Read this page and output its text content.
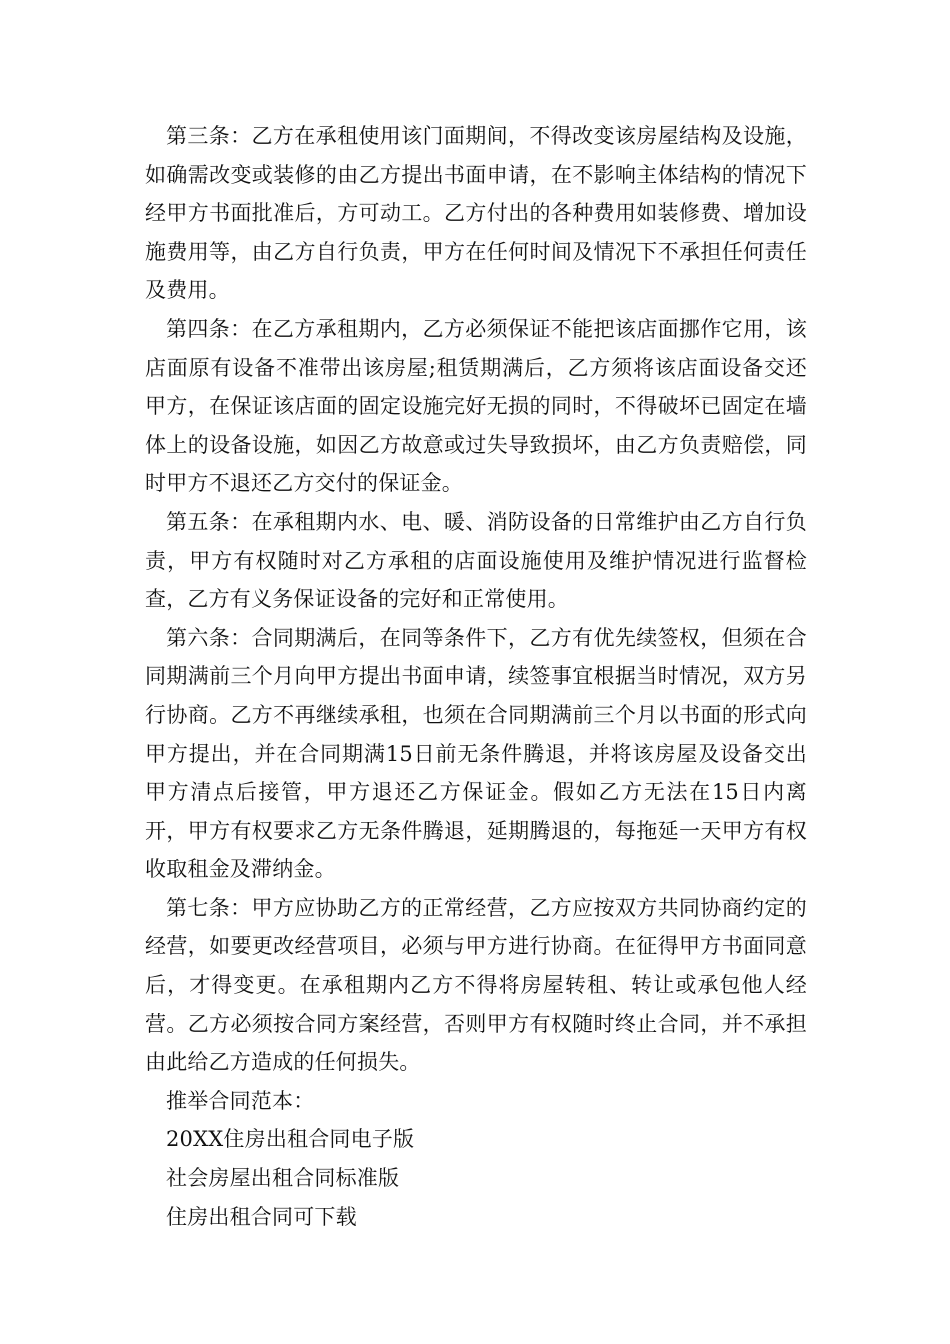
第三条：乙方在承租使用该门面期间，不得改变该房屋结构及设施，如确需改变或装修的由乙方提出书面申请，在不影响主体结构的情况下经甲方书面批准后，方可动工。乙方付出的各种费用如装修费、增加设施费用等，由乙方自行负责，甲方在任何时间及情况下不承担任何责任及费用。

第四条：在乙方承租期内，乙方必须保证不能把该店面挪作它用，该店面原有设备不准带出该房屋;租赁期满后，乙方须将该店面设备交还甲方，在保证该店面的固定设施完好无损的同时，不得破坏已固定在墙体上的设备设施，如因乙方故意或过失导致损坏，由乙方负责赔偿，同时甲方不退还乙方交付的保证金。

第五条：在承租期内水、电、暖、消防设备的日常维护由乙方自行负责，甲方有权随时对乙方承租的店面设施使用及维护情况进行监督检查，乙方有义务保证设备的完好和正常使用。

第六条：合同期满后，在同等条件下，乙方有优先续签权，但须在合同期满前三个月向甲方提出书面申请，续签事宜根据当时情况，双方另行协商。乙方不再继续承租，也须在合同期满前三个月以书面的形式向甲方提出，并在合同期满15日前无条件腾退，并将该房屋及设备交出甲方清点后接管，甲方退还乙方保证金。假如乙方无法在15日内离开，甲方有权要求乙方无条件腾退，延期腾退的，每拖延一天甲方有权收取租金及滞纳金。

第七条：甲方应协助乙方的正常经营，乙方应按双方共同协商约定的 经营，如要更改经营项目，必须与甲方进行协商。在征得甲方书面同意后，才得变更。在承租期内乙方不得将房屋转租、转让或承包他人经营。乙方必须按合同方案经营，否则甲方有权随时终止合同，并不承担由此给乙方造成的任何损失。

推举合同范本：

20XX住房出租合同电子版
社会房屋出租合同标准版
住房出租合同可下载
